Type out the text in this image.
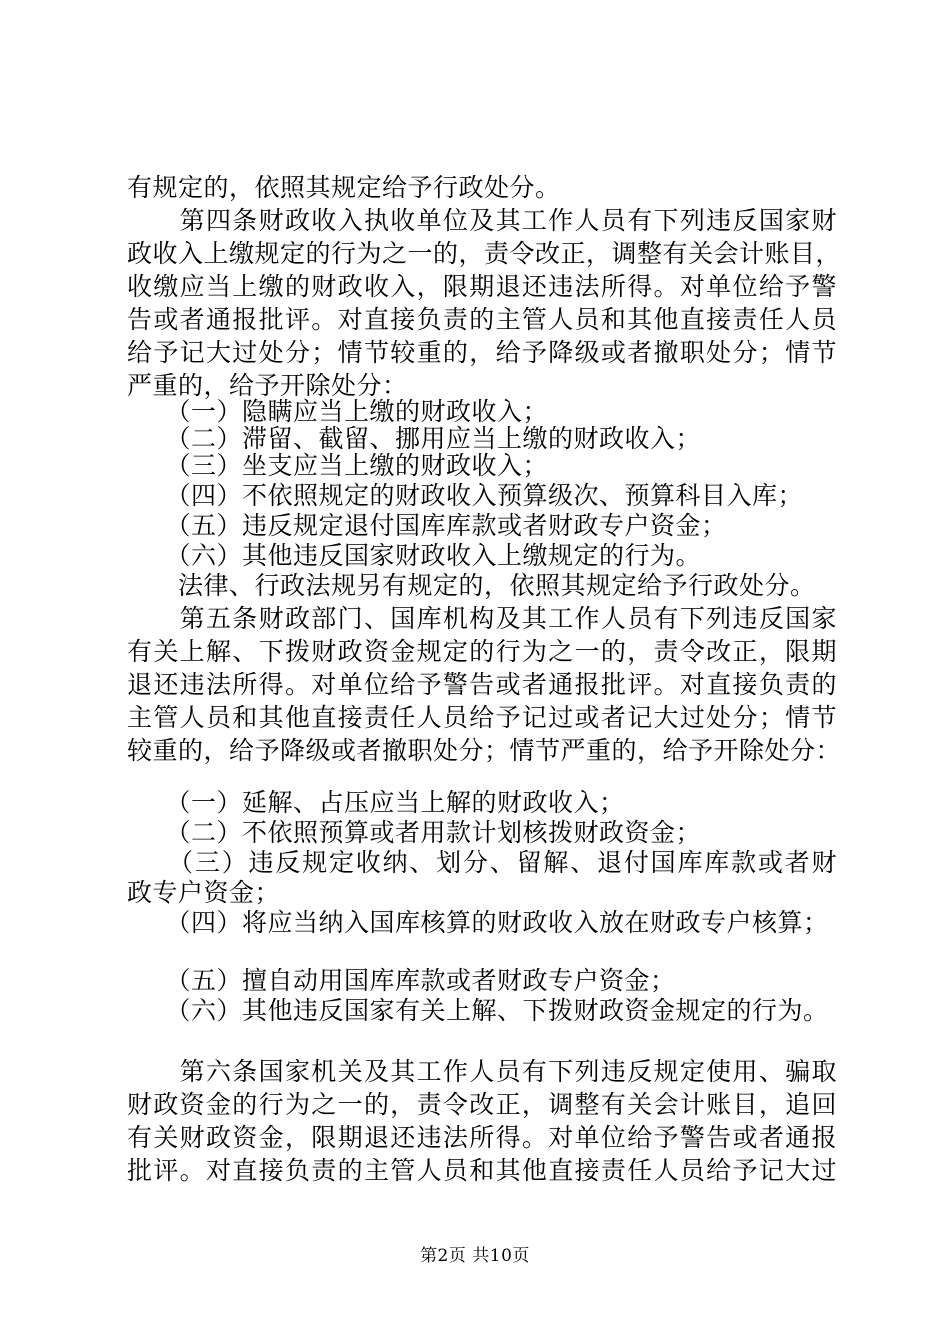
有规定的，依照其规定给予行政处分。
　　第四条财政收入执收单位及其工作人员有下列违反国家财
政收入上缴规定的行为之一的，责令改正，调整有关会计账目，
收缴应当上缴的财政收入，限期退还违法所得。对单位给予警
告或者通报批评。对直接负责的主管人员和其他直接责任人员
给予记大过处分；情节较重的，给予降级或者撤职处分；情节
严重的，给予开除处分：
　　（一）隐瞒应当上缴的财政收入；
　　（二）滞留、截留、挪用应当上缴的财政收入；
　　（三）坐支应当上缴的财政收入；
　　（四）不依照规定的财政收入预算级次、预算科目入库；
　　（五）违反规定退付国库库款或者财政专户资金；
　　（六）其他违反国家财政收入上缴规定的行为。
　　法律、行政法规另有规定的，依照其规定给予行政处分。
　　第五条财政部门、国库机构及其工作人员有下列违反国家
有关上解、下拨财政资金规定的行为之一的，责令改正，限期
退还违法所得。对单位给予警告或者通报批评。对直接负责的
主管人员和其他直接责任人员给予记过或者记大过处分；情节
较重的，给予降级或者撤职处分；情节严重的，给予开除处分：
　　（一）延解、占压应当上解的财政收入；
　　（二）不依照预算或者用款计划核拨财政资金；
　　（三）违反规定收纳、划分、留解、退付国库库款或者财
政专户资金；
　　（四）将应当纳入国库核算的财政收入放在财政专户核算；
　　（五）擅自动用国库库款或者财政专户资金；
　　（六）其他违反国家有关上解、下拨财政资金规定的行为。
　　第六条国家机关及其工作人员有下列违反规定使用、骗取
财政资金的行为之一的，责令改正，调整有关会计账目，追回
有关财政资金，限期退还违法所得。对单位给予警告或者通报
批评。对直接负责的主管人员和其他直接责任人员给予记大过
第2页 共10页
